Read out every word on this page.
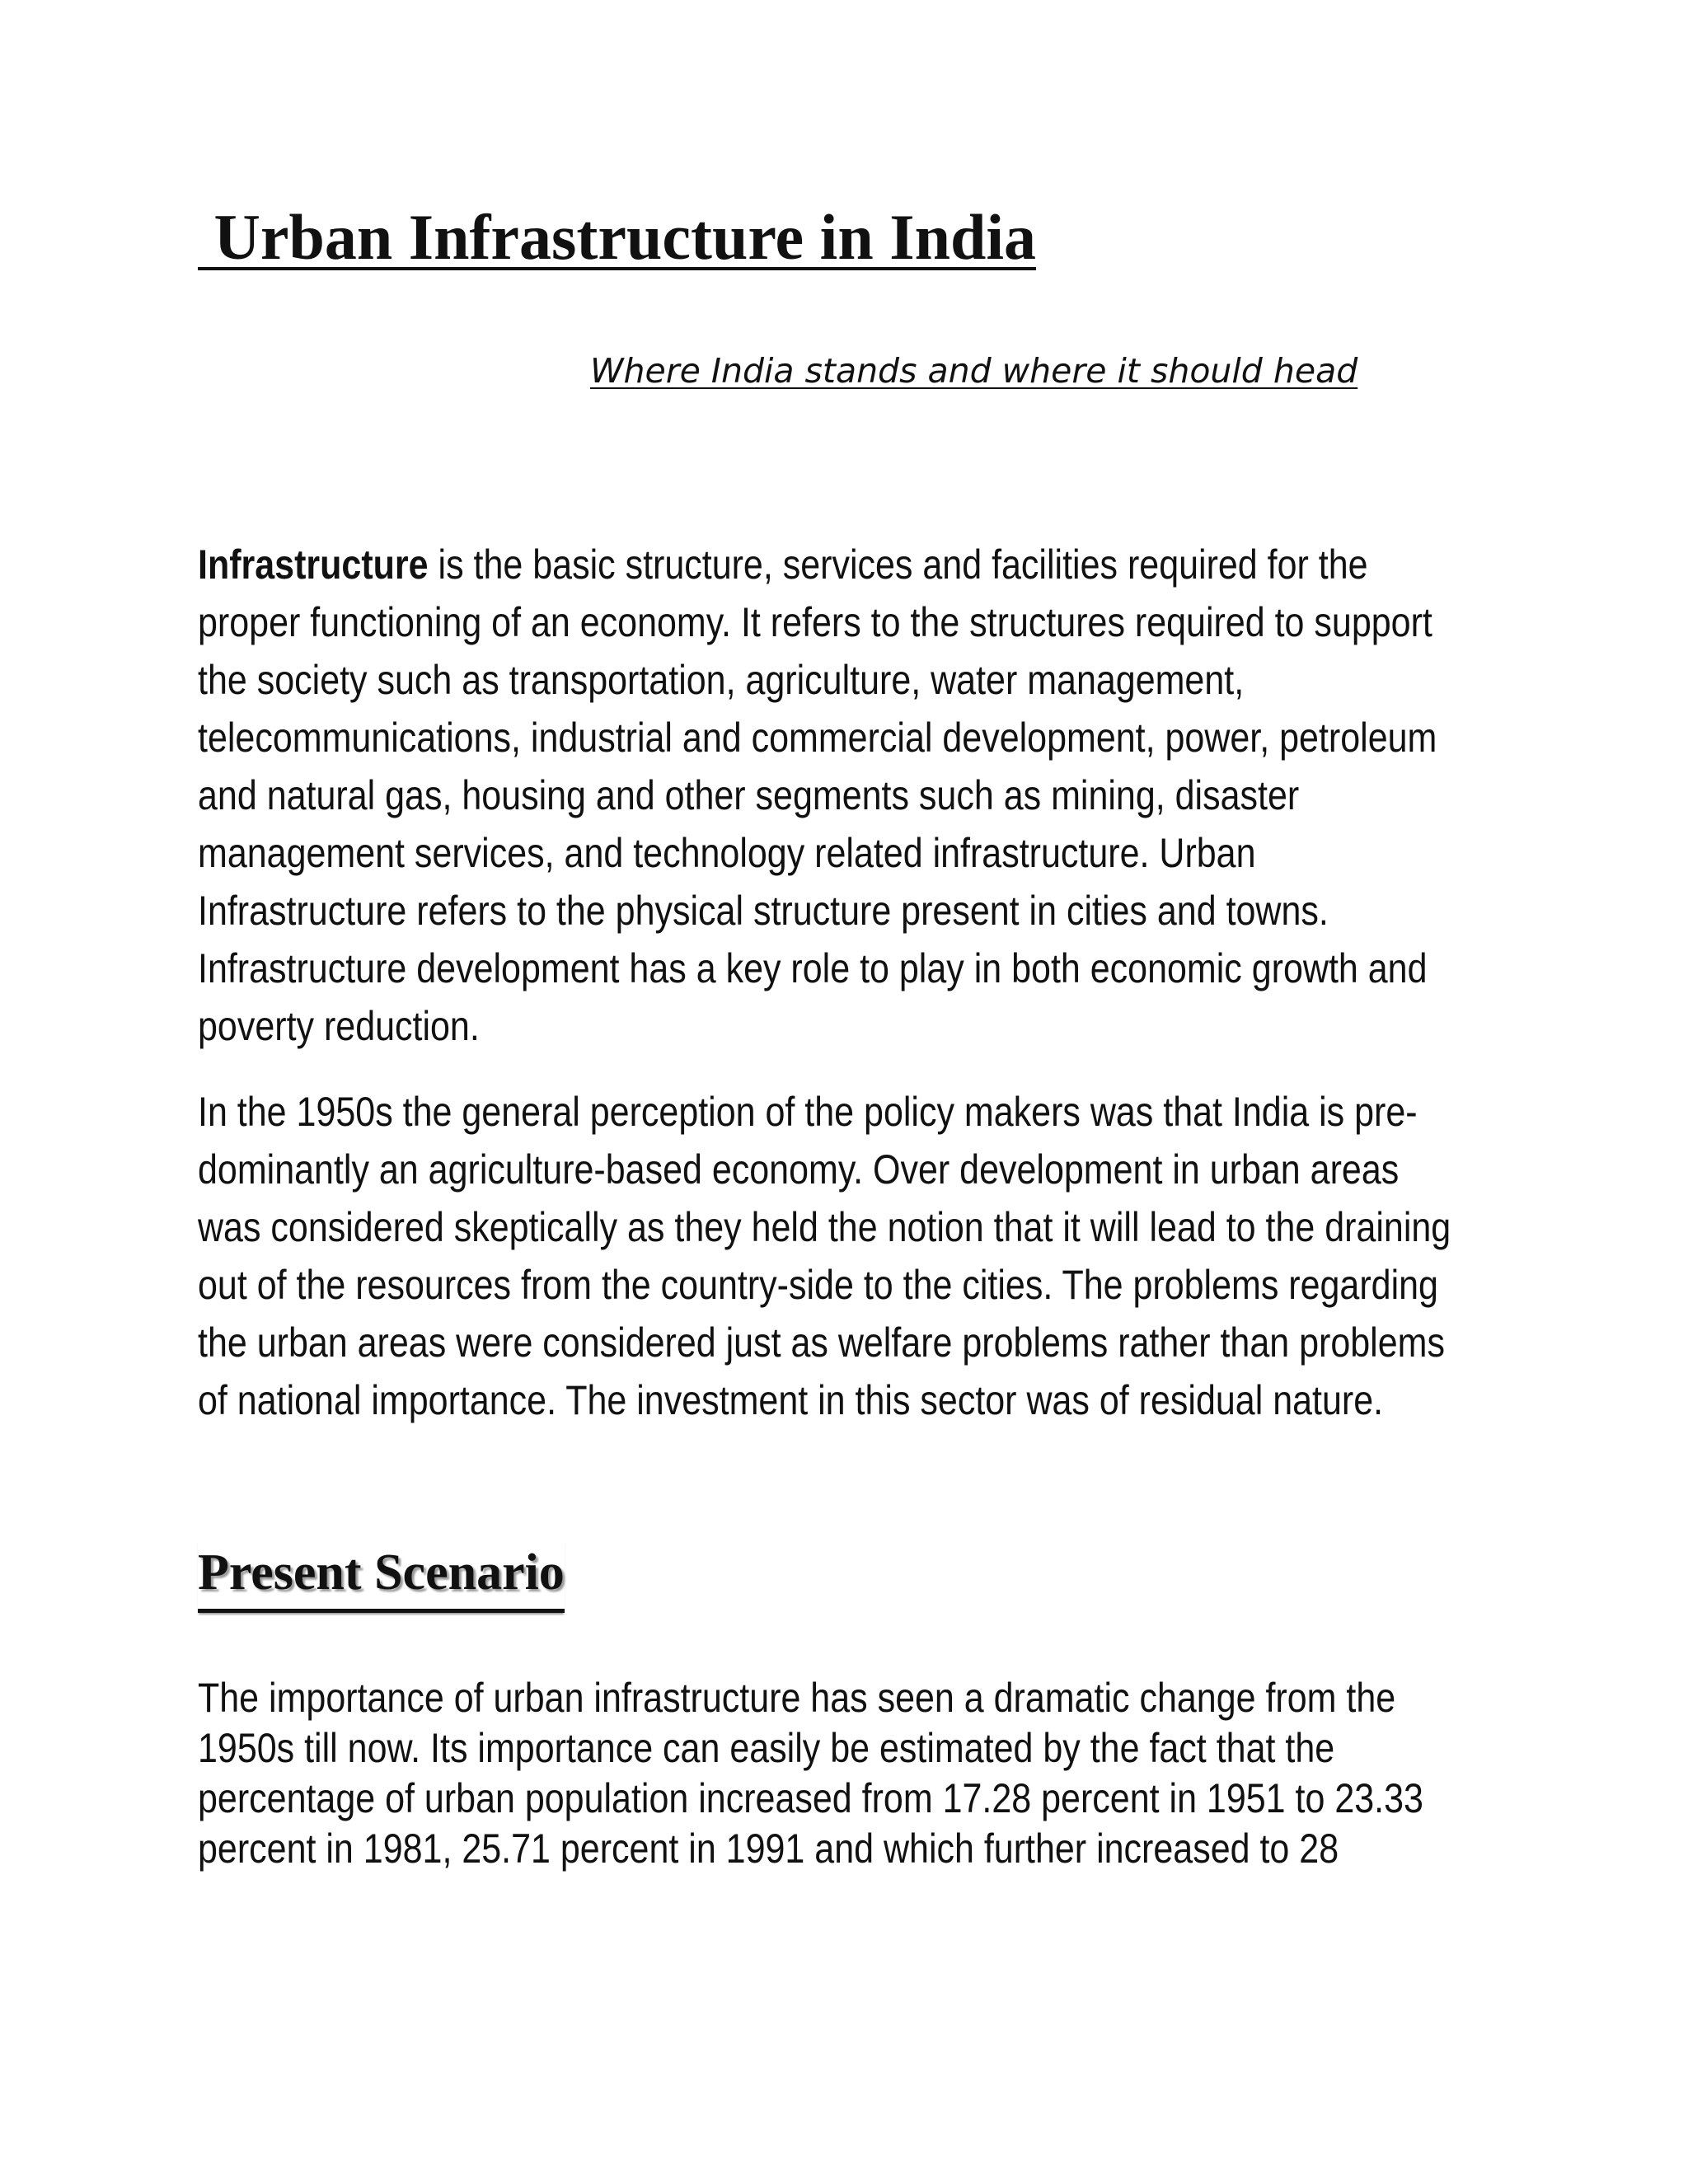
Urban Infrastructure in India

Where India stands and where it should head

Infrastructure is the basic structure, services and facilities required for the
proper functioning of an economy. It refers to the structures required to support
the society such as transportation, agriculture, water management,
telecommunications, industrial and commercial development, power, petroleum
and natural gas, housing and other segments such as mining, disaster
management services, and technology related infrastructure. Urban
Infrastructure refers to the physical structure present in cities and towns.
Infrastructure development has a key role to play in both economic growth and
poverty reduction.
In the 1950s the general perception of the policy makers was that India is pre-
dominantly an agriculture-based economy. Over development in urban areas
was considered skeptically as they held the notion that it will lead to the draining
out of the resources from the country-side to the cities. The problems regarding
the urban areas were considered just as welfare problems rather than problems
of national importance. The investment in this sector was of residual nature.
Present Scenario
The importance of urban infrastructure has seen a dramatic change from the
1950s till now. Its importance can easily be estimated by the fact that the
percentage of urban population increased from 17.28 percent in 1951 to 23.33
percent in 1981, 25.71 percent in 1991 and which further increased to 28
